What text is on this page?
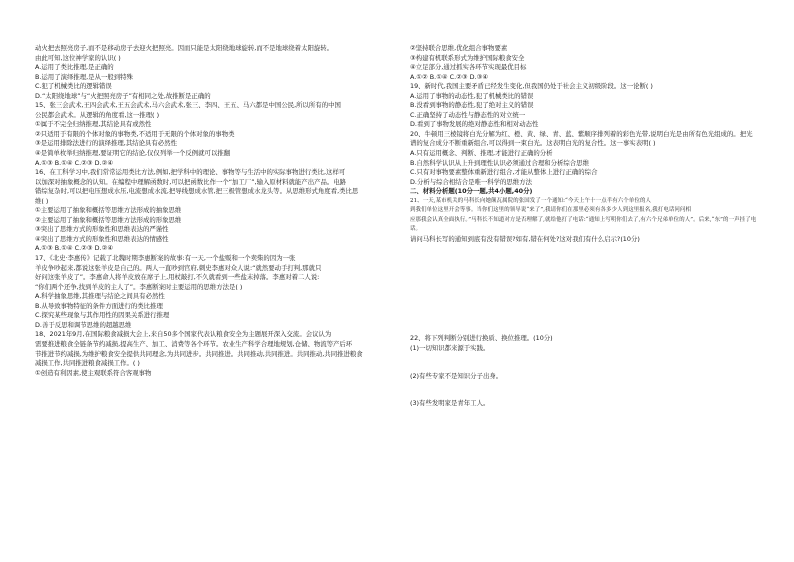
动火把去照亮房子,而不是移动房子去迎火把照亮。因而只能是太阳绕地球旋转,而不是地球绕着太阳旋转。
由此可知,这位神学家的认识( )
A.运用了类比推理,是正确的
B.运用了演绎推理,是从一般到特殊
C.犯了机械类比的逻辑错误
D.“太阳绕地球”与“火把照亮房子”有相同之处,故推断是正确的
15、张三会武术,王四会武术,王五会武术,马六会武术,张三、李四、王五、马六都是中国公民,所以所有的中国
公民都会武术。从逻辑的角度看,这一推理( )
①属于不完全归纳推理,其结论具有或然性
②只适用于有限的个体对象的事物类,不适用于无限的个体对象的事物类
③是运用排除法进行的演绎推理,其结论具有必然性
④是简单枚举归纳推理,要证明它的结论,仅仅列举一个反例就可以推翻
A.①③ B.①④ C.②③ D.②④
16、在工科学习中,我们常常运用类比方法,例如,把学科中的理论、事物等与生活中的实际事物进行类比,这样可
以加深对抽象概念的认知。在编程中理解函数时,可以把函数比作一个“加工厂”,输入原材料就能产出产品。电路
错综复杂时,可以把电压想成水压,电流想成水流,把导线想成水管,把三极管想成水龙头等。从思维形式角度看,类比思
维( )
①主要运用了抽象和概括等思维方法形成的抽象思维
②主要运用了抽象和概括等思维方法形成的形象思维
③突出了思维方式的形象性和思维表达的严谨性
④突出了思维方式的形象性和思维表达的情感性
A.①③ B.①④ C.②③ D.②④
17、《北史·李惠传》记载了北魏时期李惠断案的故事:有一天,一个盐贩和一个卖柴的因为一张
羊皮争吵起来,都说这张羊皮是自己的。两人一直吵到官府,刺史李惠对众人说:“就然要动手打判,那就只
好问这张羊皮了”。李惠命人将羊皮放在席子上,用杖敲打,不久就看到一些盐末掉落。李惠对着二人说:
“你们两个还争,找到羊皮的主人了”。李惠断案时主要运用的思维方法是( )
A.科学抽象思维,其推理与结论之间具有必然性
B.从导致事物特征的条件方面进行的类比推理
C.探究某些现象与其作用性的因果关系进行推理
D.善于反思和调节思维的超越思维
18、2021年9月,在国际粮食减损大会上,来自50多个国家代表认粮食安全为主题展开深入交流。会议认为
需要推进粮食全链条节约减损,提高生产、加工、消费等各个环节。农业生产科学合理地规划,仓储、物流等产后环
节推进节约减损,为维护粮食安全提供共同理念,为共同进步。共同推进。共同推动,共同推进。共同推动,共同推进粮食
减损工作,共同推进粮食减损工作。( )
①创造有利因素,使主观联系符合客观事物
②坚持联合思维,优化组合事物要素
③构建有机联系形式为维护国际粮食安全
④立足部分,通过抓实各环节实现最优目标
A.①② B.①④ C.②③ D.③④
19、新时代,我国主要矛盾已经发生变化,但我国仍处于社会主义初级阶段。这一论断( )
A.运用了事物的动态性,犯了机械类比的错误
B.没看到事物的静态性,犯了绝对主义的错误
C.正确坚持了动态性与静态性的对立统一
D.看到了事物发展的绝对静态性和相对动态性
20、牛顿用三棱镜将白光分解为红、橙、黄、绿、青、蓝、紫顺序排列着的彩色光带,说明白光是由所有色光组成的。把光
谱的复合成分不断重新组合,可以得到一束白光。这表明白光的复合性。这一事实表明( )
A.只有运用概念、判断、推理,才能进行正确的分析
B.自然科学认识从上升到理性认识必须通过合理和分析综合思维
C.只有对事物要素整体重新进行组合,才能从整体上进行正确的综合
D.分析与综合相结合是唯一科学的思维方法
二、材料分析题(10分一题,共4小题,40分)
21、一天,某市机关的马科长向她颠瓦属院的张国发了一个通知:“今天上午十一点半有六个单位的人
到我们单位这里开会等事。当你们这里的领导说“来了”,我请你们在那里必须有各多少人到这里报名,我打电话问问相
应那我会认真全面执行。”马科长不知道对方是否理解了,就给他打了电话:“通知上写明你们去了,有六个兄弟单位的人”。后来,“东”的一声挂了电
话。
请问马科长写的通知到底有没有错误?如有,错在何处?这对我们有什么启示?(10分)
22、将下列判断分别进行换质、换位推理。(10分)
(1)一切知识都来源于实践。
(2)有些专家不是知识分子出身。
(3)有些发明家是青年工人。
